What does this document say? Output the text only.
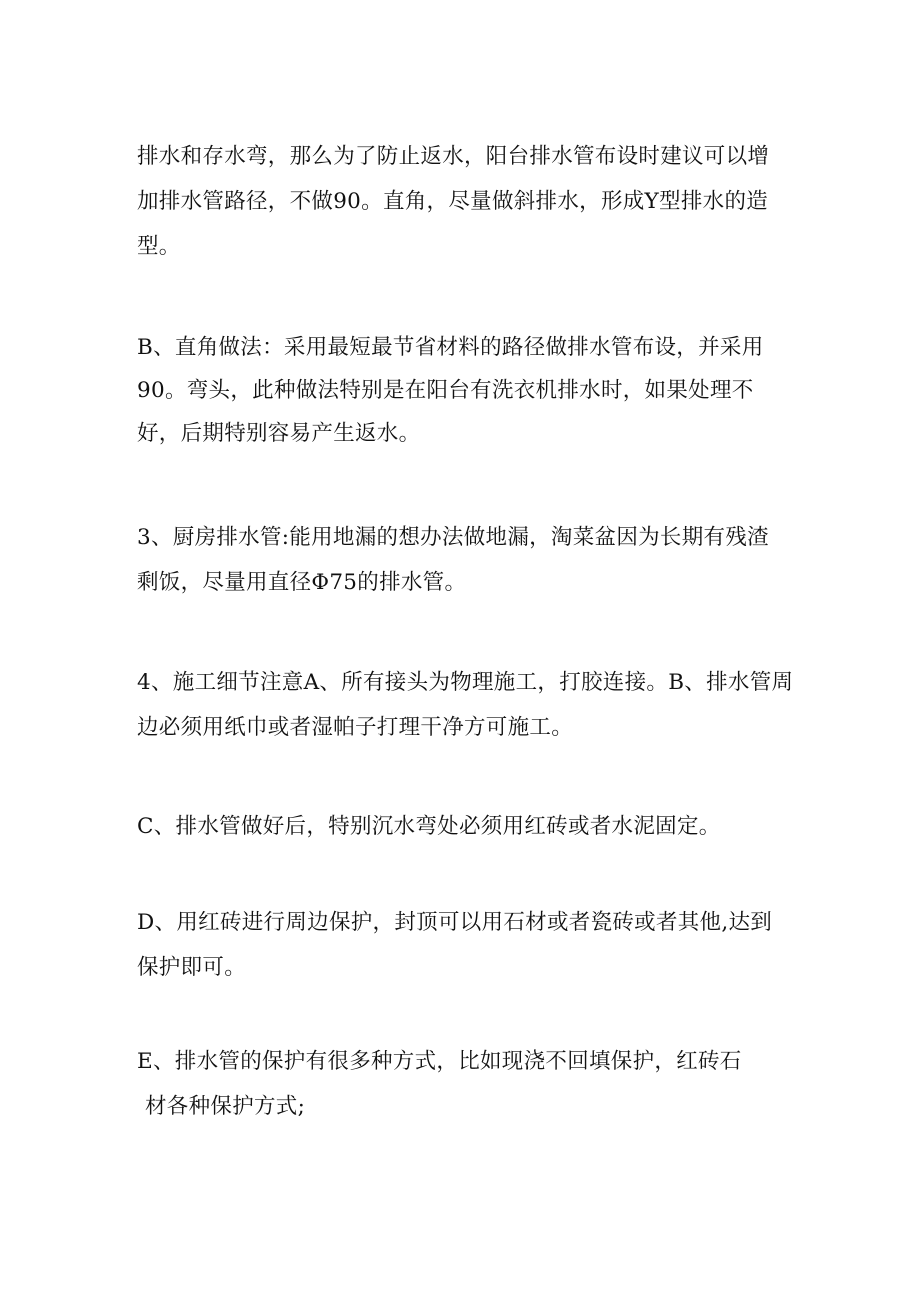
排水和存水弯，那么为了防止返水，阳台排水管布设时建议可以增
加排水管路径，不做90。直角，尽量做斜排水，形成Y型排水的造
型。
B、直角做法：采用最短最节省材料的路径做排水管布设，并采用
90。弯头，此种做法特别是在阳台有洗衣机排水时，如果处理不
好，后期特别容易产生返水。
3、厨房排水管:能用地漏的想办法做地漏，淘菜盆因为长期有残渣
剩饭，尽量用直径Φ75的排水管。
4、施工细节注意A、所有接头为物理施工，打胶连接。B、排水管周
边必须用纸巾或者湿帕子打理干净方可施工。
C、排水管做好后，特别沉水弯处必须用红砖或者水泥固定。
D、用红砖进行周边保护，封顶可以用石材或者瓷砖或者其他,达到
保护即可。
E、排水管的保护有很多种方式，比如现浇不回填保护，红砖石
材各种保护方式;
